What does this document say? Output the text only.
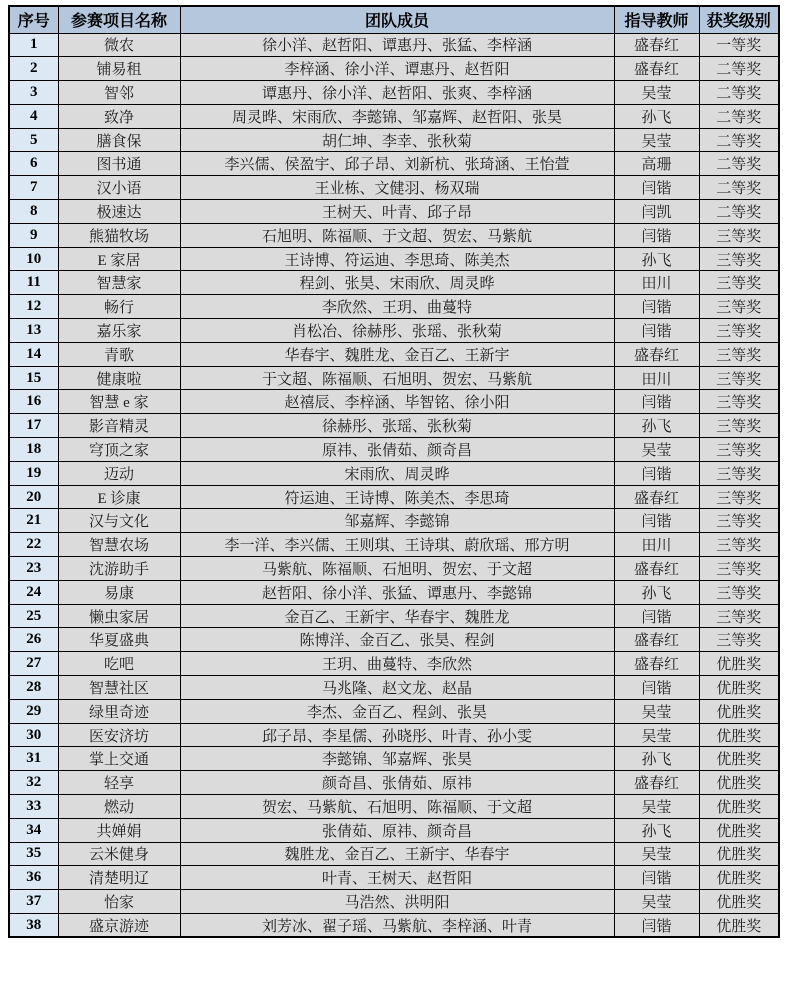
序号	参赛项目名称	团队成员	指导教师	获奖级别
1	微农	徐小洋、赵哲阳、谭惠丹、张猛、李梓涵	盛春红	一等奖
2	铺易租	李梓涵、徐小洋、谭惠丹、赵哲阳	盛春红	二等奖
3	智邻	谭惠丹、徐小洋、赵哲阳、张爽、李梓涵	吴莹	二等奖
4	致净	周灵晔、宋雨欣、李懿锦、邹嘉辉、赵哲阳、张昊	孙飞	二等奖
5	膳食保	胡仁坤、李幸、张秋菊	吴莹	二等奖
6	图书通	李兴儒、侯盈宇、邱子昂、刘新杭、张琦涵、王怡萱	高珊	二等奖
7	汉小语	王业栋、文健羽、杨双瑞	闫锴	二等奖
8	极速达	王树天、叶青、邱子昂	闫凯	二等奖
9	熊猫牧场	石旭明、陈福顺、于文超、贺宏、马紫航	闫锴	三等奖
10	E 家居	王诗博、符运迪、李思琦、陈美杰	孙飞	三等奖
11	智慧家	程剑、张昊、宋雨欣、周灵晔	田川	三等奖
12	畅行	李欣然、王玥、曲蔓特	闫锴	三等奖
13	嘉乐家	肖松冶、徐赫彤、张瑶、张秋菊	闫锴	三等奖
14	青歌	华春宇、魏胜龙、金百乙、王新宇	盛春红	三等奖
15	健康啦	于文超、陈福顺、石旭明、贺宏、马紫航	田川	三等奖
16	智慧 e 家	赵禧辰、李梓涵、毕智铭、徐小阳	闫锴	三等奖
17	影音精灵	徐赫彤、张瑶、张秋菊	孙飞	三等奖
18	穹顶之家	原祎、张倩茹、颜奇昌	吴莹	三等奖
19	迈动	宋雨欣、周灵晔	闫锴	三等奖
20	E 诊康	符运迪、王诗博、陈美杰、李思琦	盛春红	三等奖
21	汉与文化	邹嘉辉、李懿锦	闫锴	三等奖
22	智慧农场	李一洋、李兴儒、王则琪、王诗琪、蔚欣瑶、邢方明	田川	三等奖
23	沈游助手	马紫航、陈福顺、石旭明、贺宏、于文超	盛春红	三等奖
24	易康	赵哲阳、徐小洋、张猛、谭惠丹、李懿锦	孙飞	三等奖
25	懒虫家居	金百乙、王新宇、华春宇、魏胜龙	闫锴	三等奖
26	华夏盛典	陈博洋、金百乙、张昊、程剑	盛春红	三等奖
27	吃吧	王玥、曲蔓特、李欣然	盛春红	优胜奖
28	智慧社区	马兆隆、赵文龙、赵晶	闫锴	优胜奖
29	绿里奇迹	李杰、金百乙、程剑、张昊	吴莹	优胜奖
30	医安济坊	邱子昂、李星儒、孙晓彤、叶青、孙小雯	吴莹	优胜奖
31	掌上交通	李懿锦、邹嘉辉、张昊	孙飞	优胜奖
32	轻享	颜奇昌、张倩茹、原祎	盛春红	优胜奖
33	燃动	贺宏、马紫航、石旭明、陈福顺、于文超	吴莹	优胜奖
34	共婵娟	张倩茹、原祎、颜奇昌	孙飞	优胜奖
35	云米健身	魏胜龙、金百乙、王新宇、华春宇	吴莹	优胜奖
36	清楚明辽	叶青、王树天、赵哲阳	闫锴	优胜奖
37	怡家	马浩然、洪明阳	吴莹	优胜奖
38	盛京游迹	刘芳冰、翟子瑶、马紫航、李梓涵、叶青	闫锴	优胜奖
